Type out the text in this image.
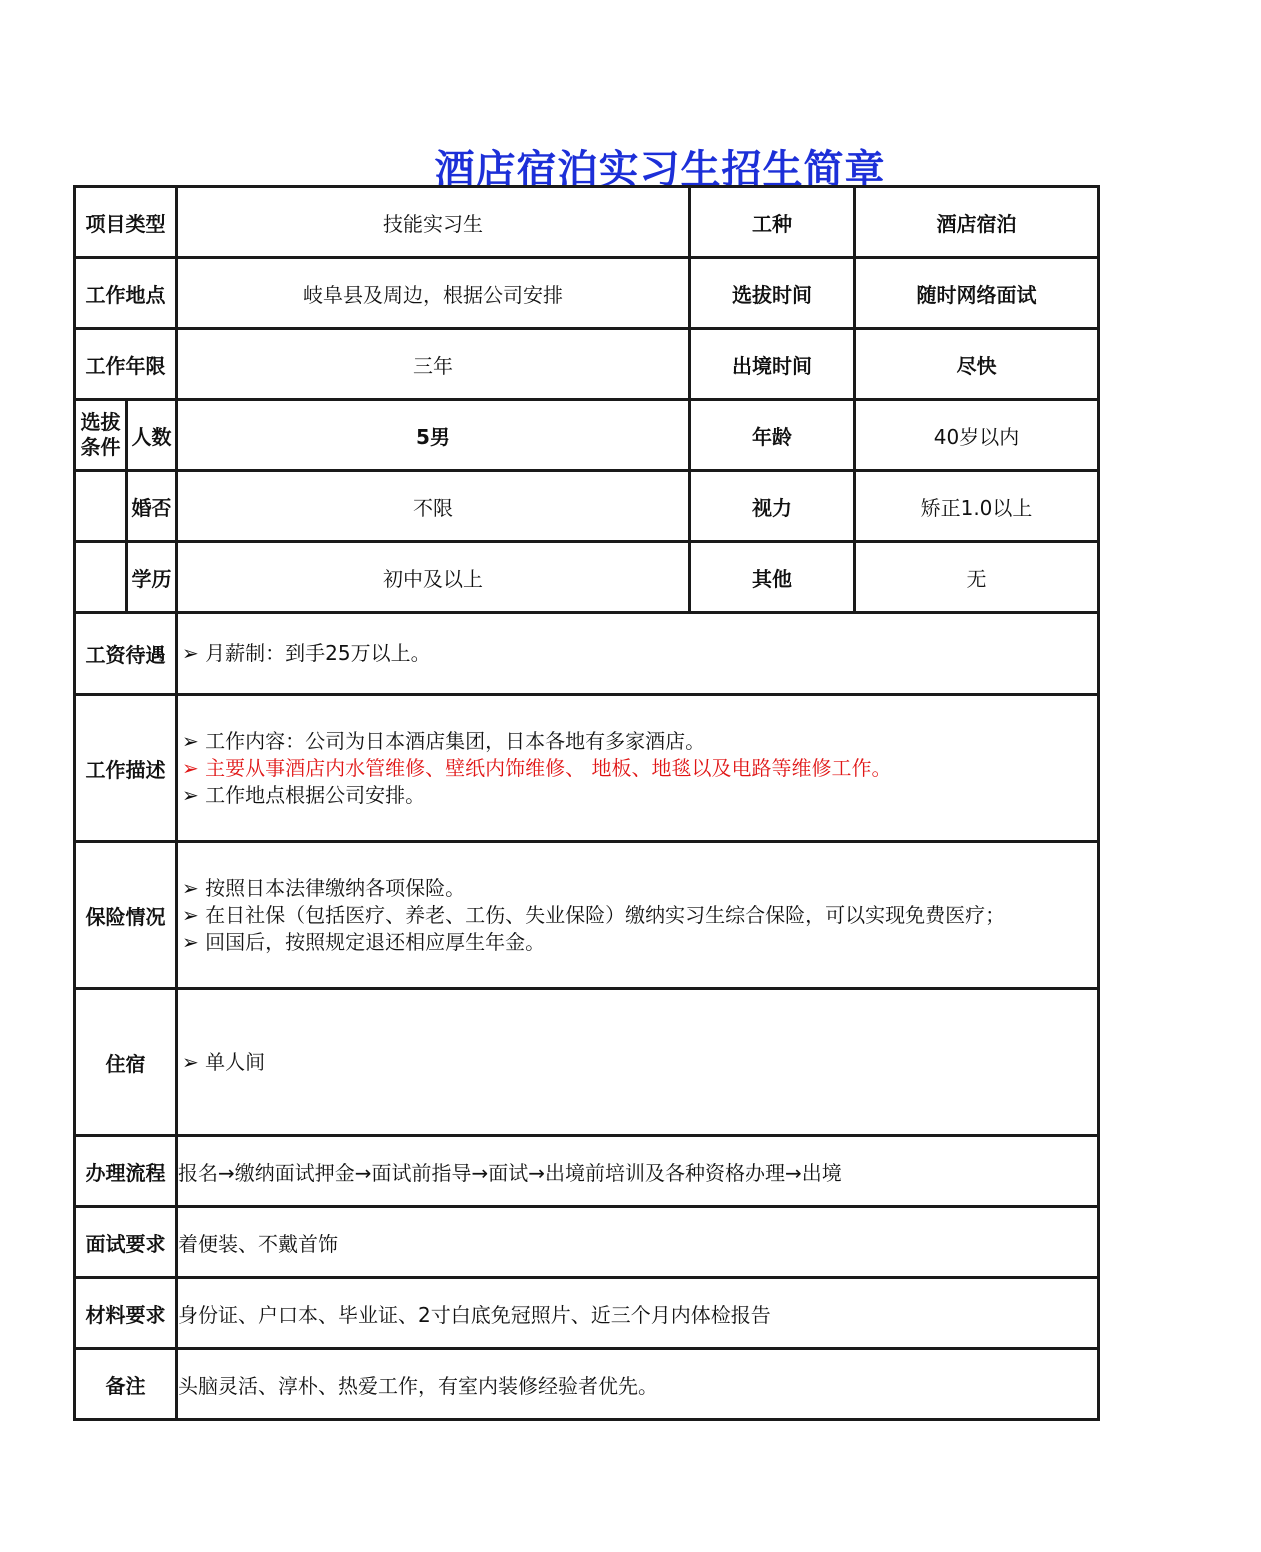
酒店宿泊实习生招生简章
项目类型		技能实习生	工种	酒店宿泊
工作地点		岐阜县及周边，根据公司安排	选拔时间	随时网络面试
工作年限		三年	出境时间	尽快

选拔
条件	人数	5男	年龄	40岁以内
	婚否	不限	视力	矫正1.0以上
	学历	初中及以上	其他	无
工资待遇		➢ 月薪制：到手25万以上。		

工作描述		➢ 工作内容：公司为日本酒店集团，日本各地有多家酒店。
➢ 主要从事酒店内水管维修、壁纸内饰维修、 地板、地毯以及电路等维修工作。
➢ 工作地点根据公司安排。		

保险情况		➢ 按照日本法律缴纳各项保险。
➢ 在日社保（包括医疗、养老、工伤、失业保险）缴纳实习生综合保险，可以实现免费医疗；
➢ 回国后，按照规定退还相应厚生年金。		

住宿		➢ 单人间		

办理流程		报名→缴纳面试押金→面试前指导→面试→出境前培训及各种资格办理→出境		
面试要求		着便装、不戴首饰		
材料要求		身份证、户口本、毕业证、2寸白底免冠照片、近三个月内体检报告		
备注		头脑灵活、淳朴、热爱工作，有室内装修经验者优先。		
